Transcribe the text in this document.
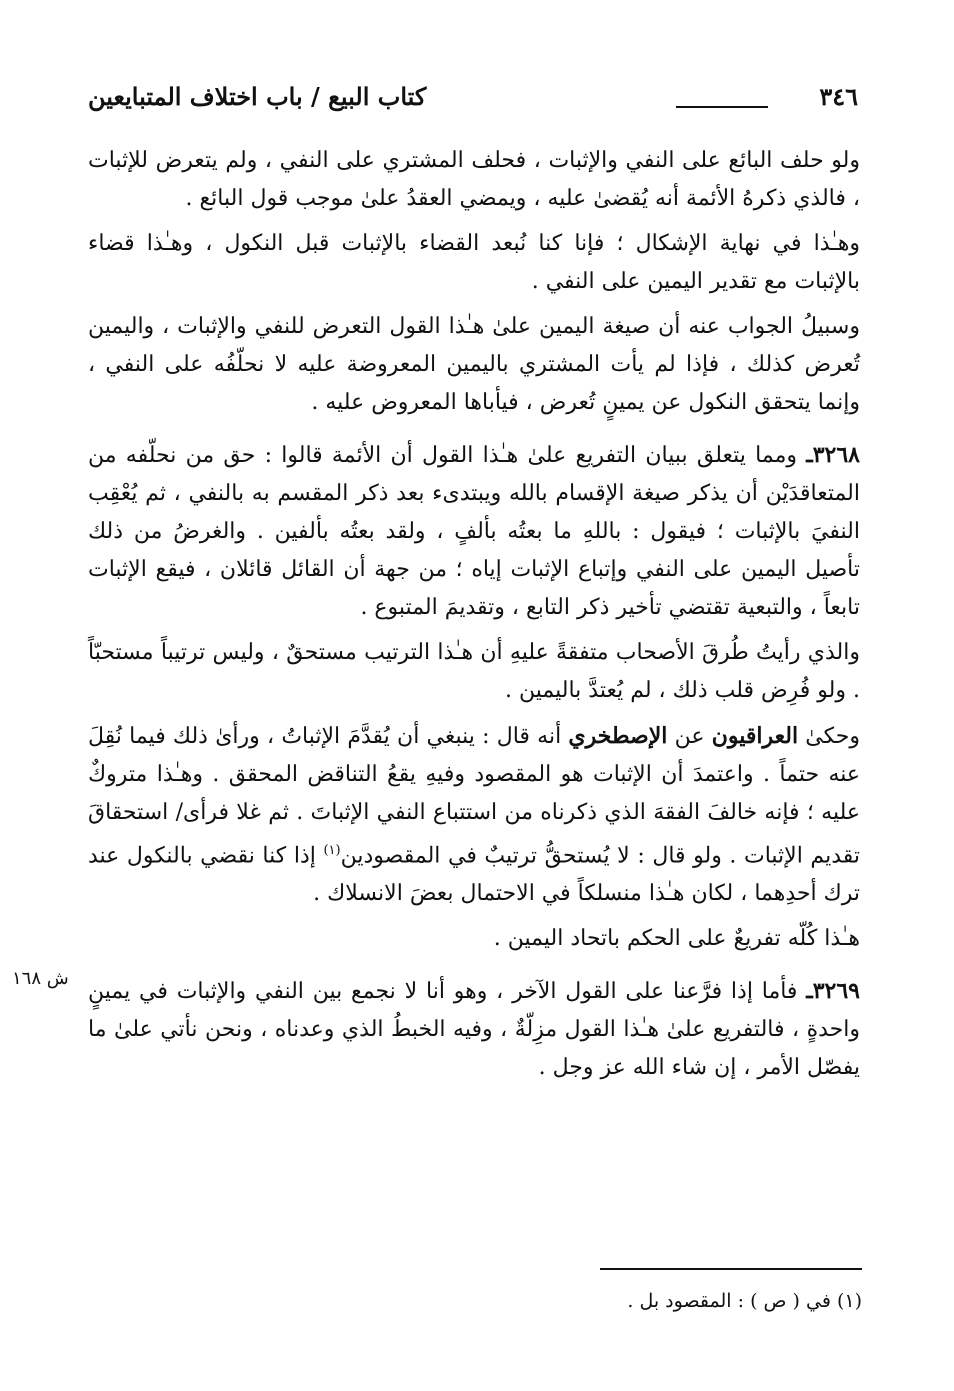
٣٤٦
كتاب البيع / باب اختلاف المتبايعين

ولو حلف البائع على النفي والإثبات ، فحلف المشتري على النفي ، ولم يتعرض للإثبات ، فالذي ذكرهُ الأئمة أنه يُقضىٰ عليه ، ويمضي العقدُ علىٰ موجب قول البائع .

وهـٰذا في نهاية الإشكال ؛ فإنا كنا نُبعد القضاء بالإثبات قبل النكول ، وهـٰذا قضاء بالإثبات مع تقدير اليمين على النفي .

وسبيلُ الجواب عنه أن صيغة اليمين علىٰ هـٰذا القول التعرض للنفي والإثبات ، واليمين تُعرض كذلك ، فإذا لم يأت المشتري باليمين المعروضة عليه لا نحلّفُه على النفي ، وإنما يتحقق النكول عن يمينٍ تُعرض ، فيأباها المعروض عليه .

٣٢٦٨ـ ومما يتعلق ببيان التفريع علىٰ هـٰذا القول أن الأئمة قالوا : حق من نحلّفه من المتعاقدَيْن أن يذكر صيغة الإقسام بالله ويبتدىء بعد ذكر المقسم به بالنفي ، ثم يُعْقِب النفيَ بالإثبات ؛ فيقول : باللهِ ما بعتُه بألفٍ ، ولقد بعتُه بألفين . والغرضُ من ذلك تأصيل اليمين على النفي وإتباع الإثبات إياه ؛ من جهة أن القائل قائلان ، فيقع الإثبات تابعاً ، والتبعية تقتضي تأخير ذكر التابع ، وتقديمَ المتبوع .

والذي رأيتُ طُرقَ الأصحاب متفقةً عليهِ أن هـٰذا الترتيب مستحقٌ ، وليس ترتيباً مستحبّاً . ولو فُرِض قلب ذلك ، لم يُعتدَّ باليمين .

وحكىٰ العراقيون عن الإصطخري أنه قال : ينبغي أن يُقدَّمَ الإثباتُ ، ورأىٰ ذلك فيما نُقِلَ عنه حتماً . واعتمدَ أن الإثبات هو المقصود وفيهِ يقعُ التناقض المحقق . وهـٰذا متروكٌ عليه ؛ فإنه خالفَ الفقهَ الذي ذكرناه من استتباع النفي الإثباتَ . ثم غلا فرأى/ استحقاقَ تقديم الإثبات . ولو قال : لا يُستحقُّ ترتيبٌ في المقصودين$^{(١)}$ إذا كنا نقضي بالنكول عند ترك أحدِهما ، لكان هـٰذا منسلكاً في الاحتمال بعضَ الانسلاك .

هـٰذا كُلّه تفريعٌ على الحكم باتحاد اليمين .

٣٢٦٩ـ فأما إذا فرَّعنا على القول الآخر ، وهو أنا لا نجمع بين النفي والإثبات في يمينٍ واحدةٍ ، فالتفريع علىٰ هـٰذا القول مزِلّةٌ ، وفيه الخبطُ الذي وعدناه ، ونحن نأتي علىٰ ما يفصّل الأمر ، إن شاء الله عز وجل .

ش ١٦٨
(١) في ( ص ) : المقصود بل .
